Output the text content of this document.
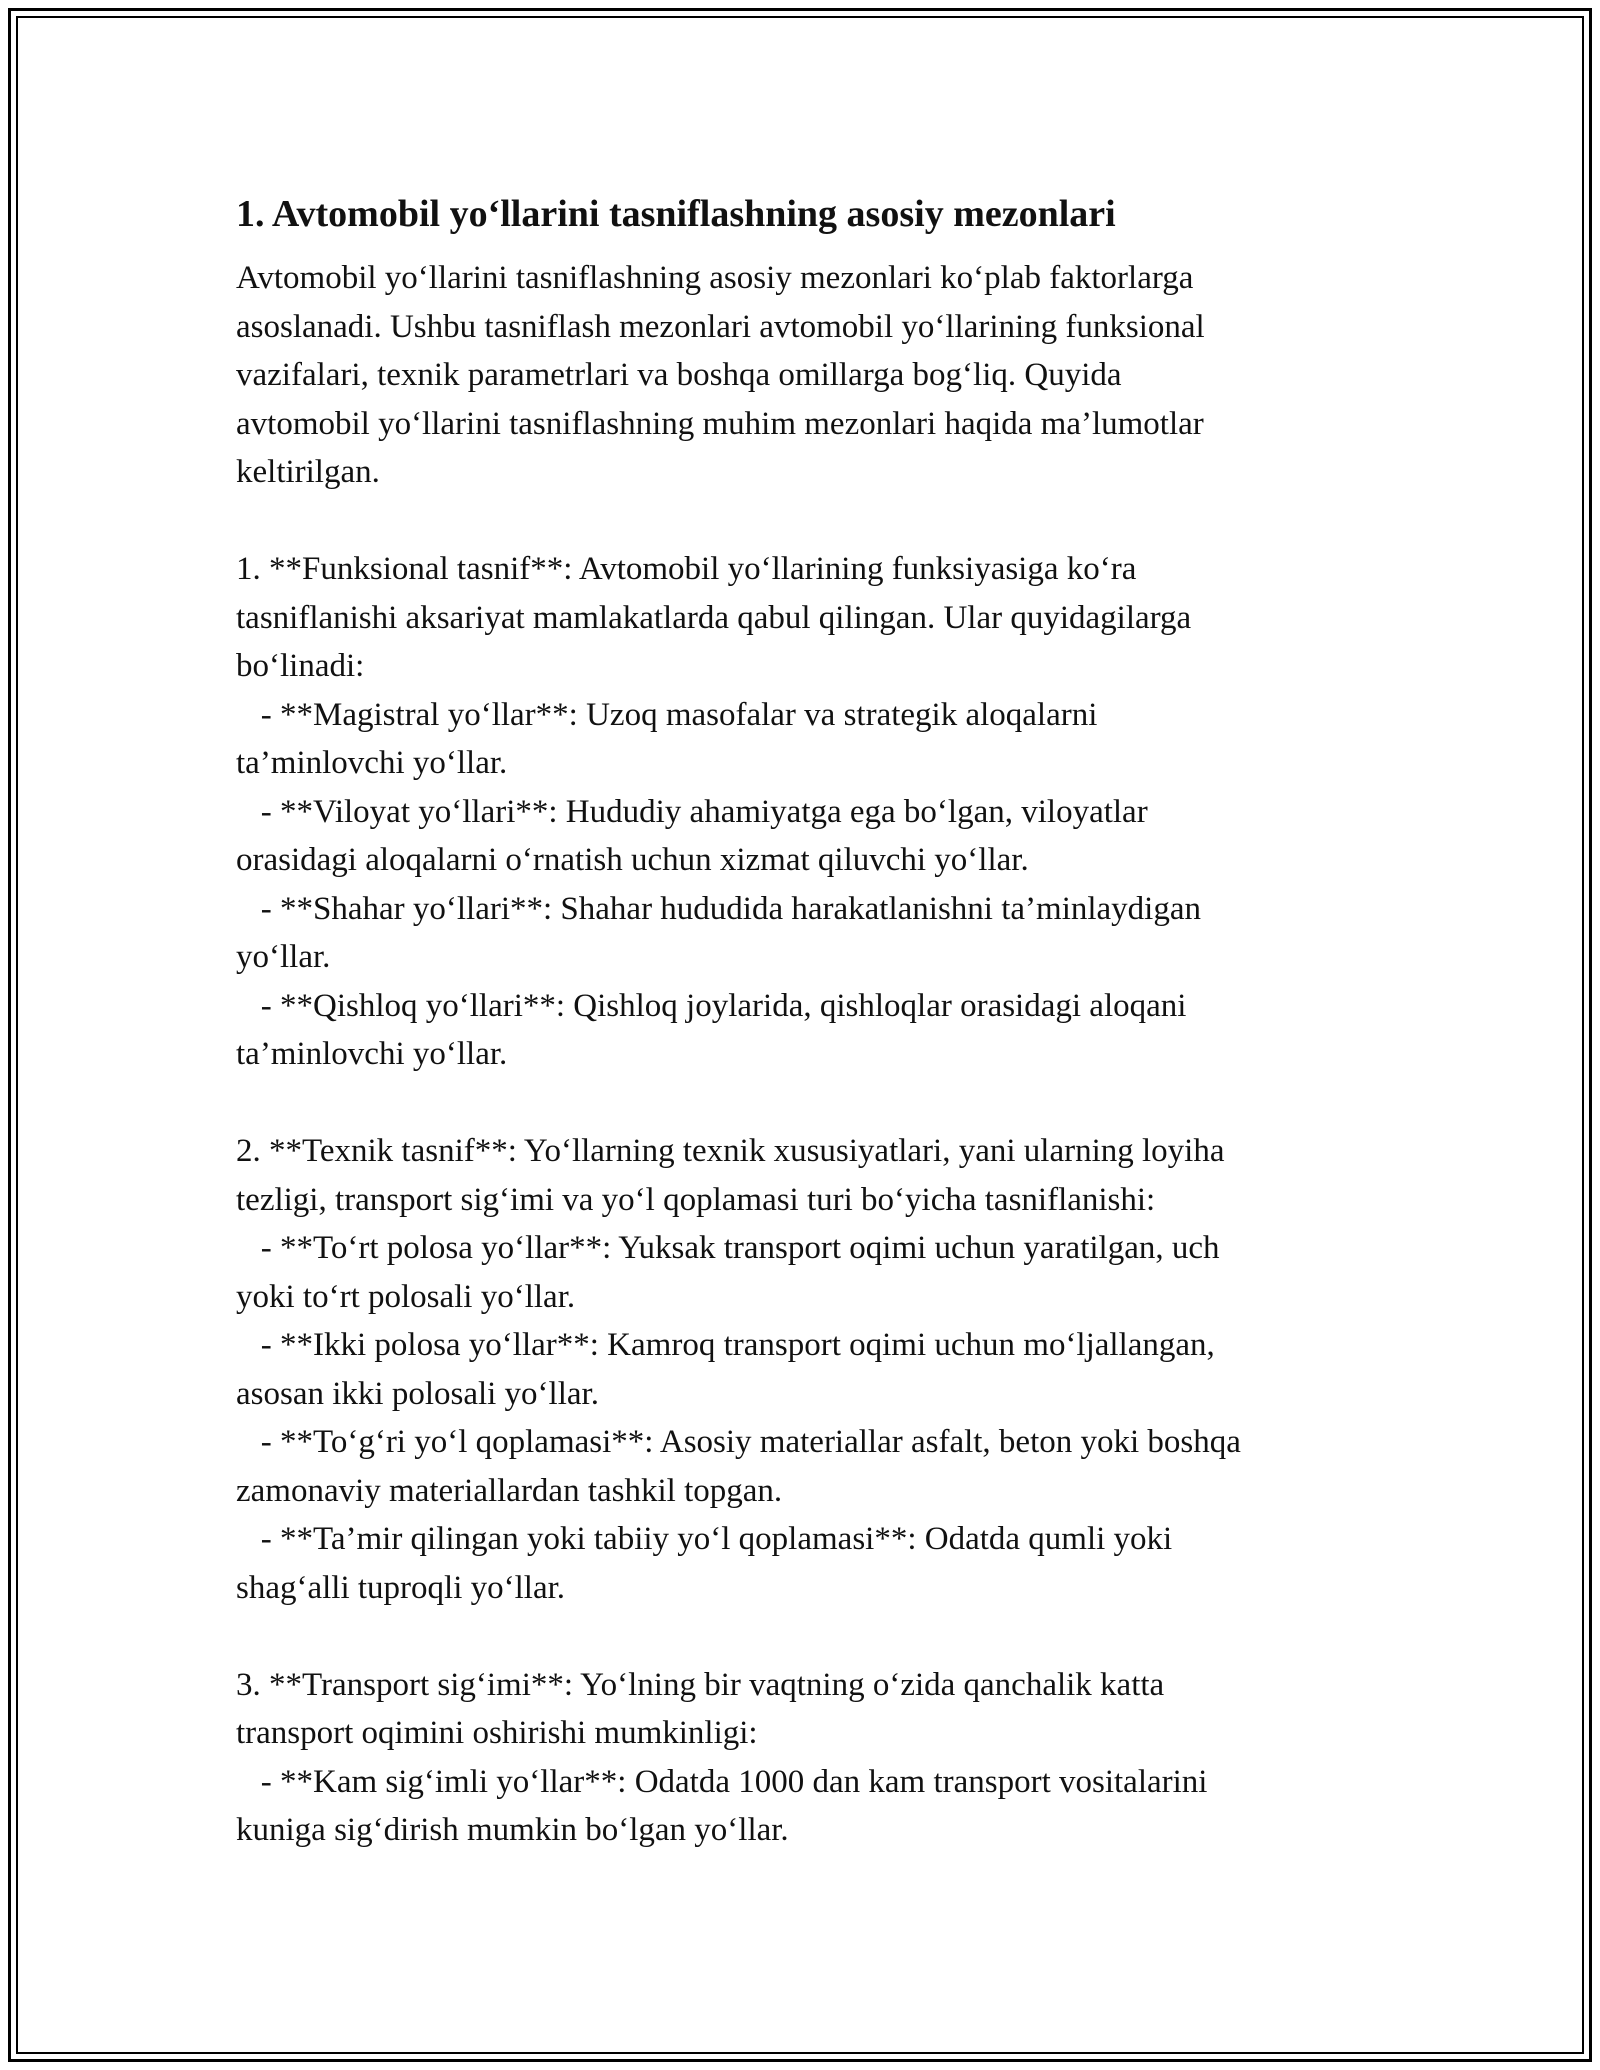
1. Avtomobil yo‘llarini tasniflashning asosiy mezonlari

Avtomobil yo‘llarini tasniflashning asosiy mezonlari ko‘plab faktorlarga

asoslanadi. Ushbu tasniflash mezonlari avtomobil yo‘llarining funksional

vazifalari, texnik parametrlari va boshqa omillarga bog‘liq. Quyida

avtomobil yo‘llarini tasniflashning muhim mezonlari haqida ma’lumotlar

keltirilgan.

1. **Funksional tasnif**: Avtomobil yo‘llarining funksiyasiga ko‘ra

tasniflanishi aksariyat mamlakatlarda qabul qilingan. Ular quyidagilarga

bo‘linadi:

- **Magistral yo‘llar**: Uzoq masofalar va strategik aloqalarni

ta’minlovchi yo‘llar.

- **Viloyat yo‘llari**: Hududiy ahamiyatga ega bo‘lgan, viloyatlar

orasidagi aloqalarni o‘rnatish uchun xizmat qiluvchi yo‘llar.

- **Shahar yo‘llari**: Shahar hududida harakatlanishni ta’minlaydigan

yo‘llar.

- **Qishloq yo‘llari**: Qishloq joylarida, qishloqlar orasidagi aloqani

ta’minlovchi yo‘llar.

2. **Texnik tasnif**: Yo‘llarning texnik xususiyatlari, yani ularning loyiha

tezligi, transport sig‘imi va yo‘l qoplamasi turi bo‘yicha tasniflanishi:

- **To‘rt polosa yo‘llar**: Yuksak transport oqimi uchun yaratilgan, uch

yoki to‘rt polosali yo‘llar.

- **Ikki polosa yo‘llar**: Kamroq transport oqimi uchun mo‘ljallangan,

asosan ikki polosali yo‘llar.

- **To‘g‘ri yo‘l qoplamasi**: Asosiy materiallar asfalt, beton yoki boshqa

zamonaviy materiallardan tashkil topgan.

- **Ta’mir qilingan yoki tabiiy yo‘l qoplamasi**: Odatda qumli yoki

shag‘alli tuproqli yo‘llar.

3. **Transport sig‘imi**: Yo‘lning bir vaqtning o‘zida qanchalik katta

transport oqimini oshirishi mumkinligi:

- **Kam sig‘imli yo‘llar**: Odatda 1000 dan kam transport vositalarini

kuniga sig‘dirish mumkin bo‘lgan yo‘llar.
